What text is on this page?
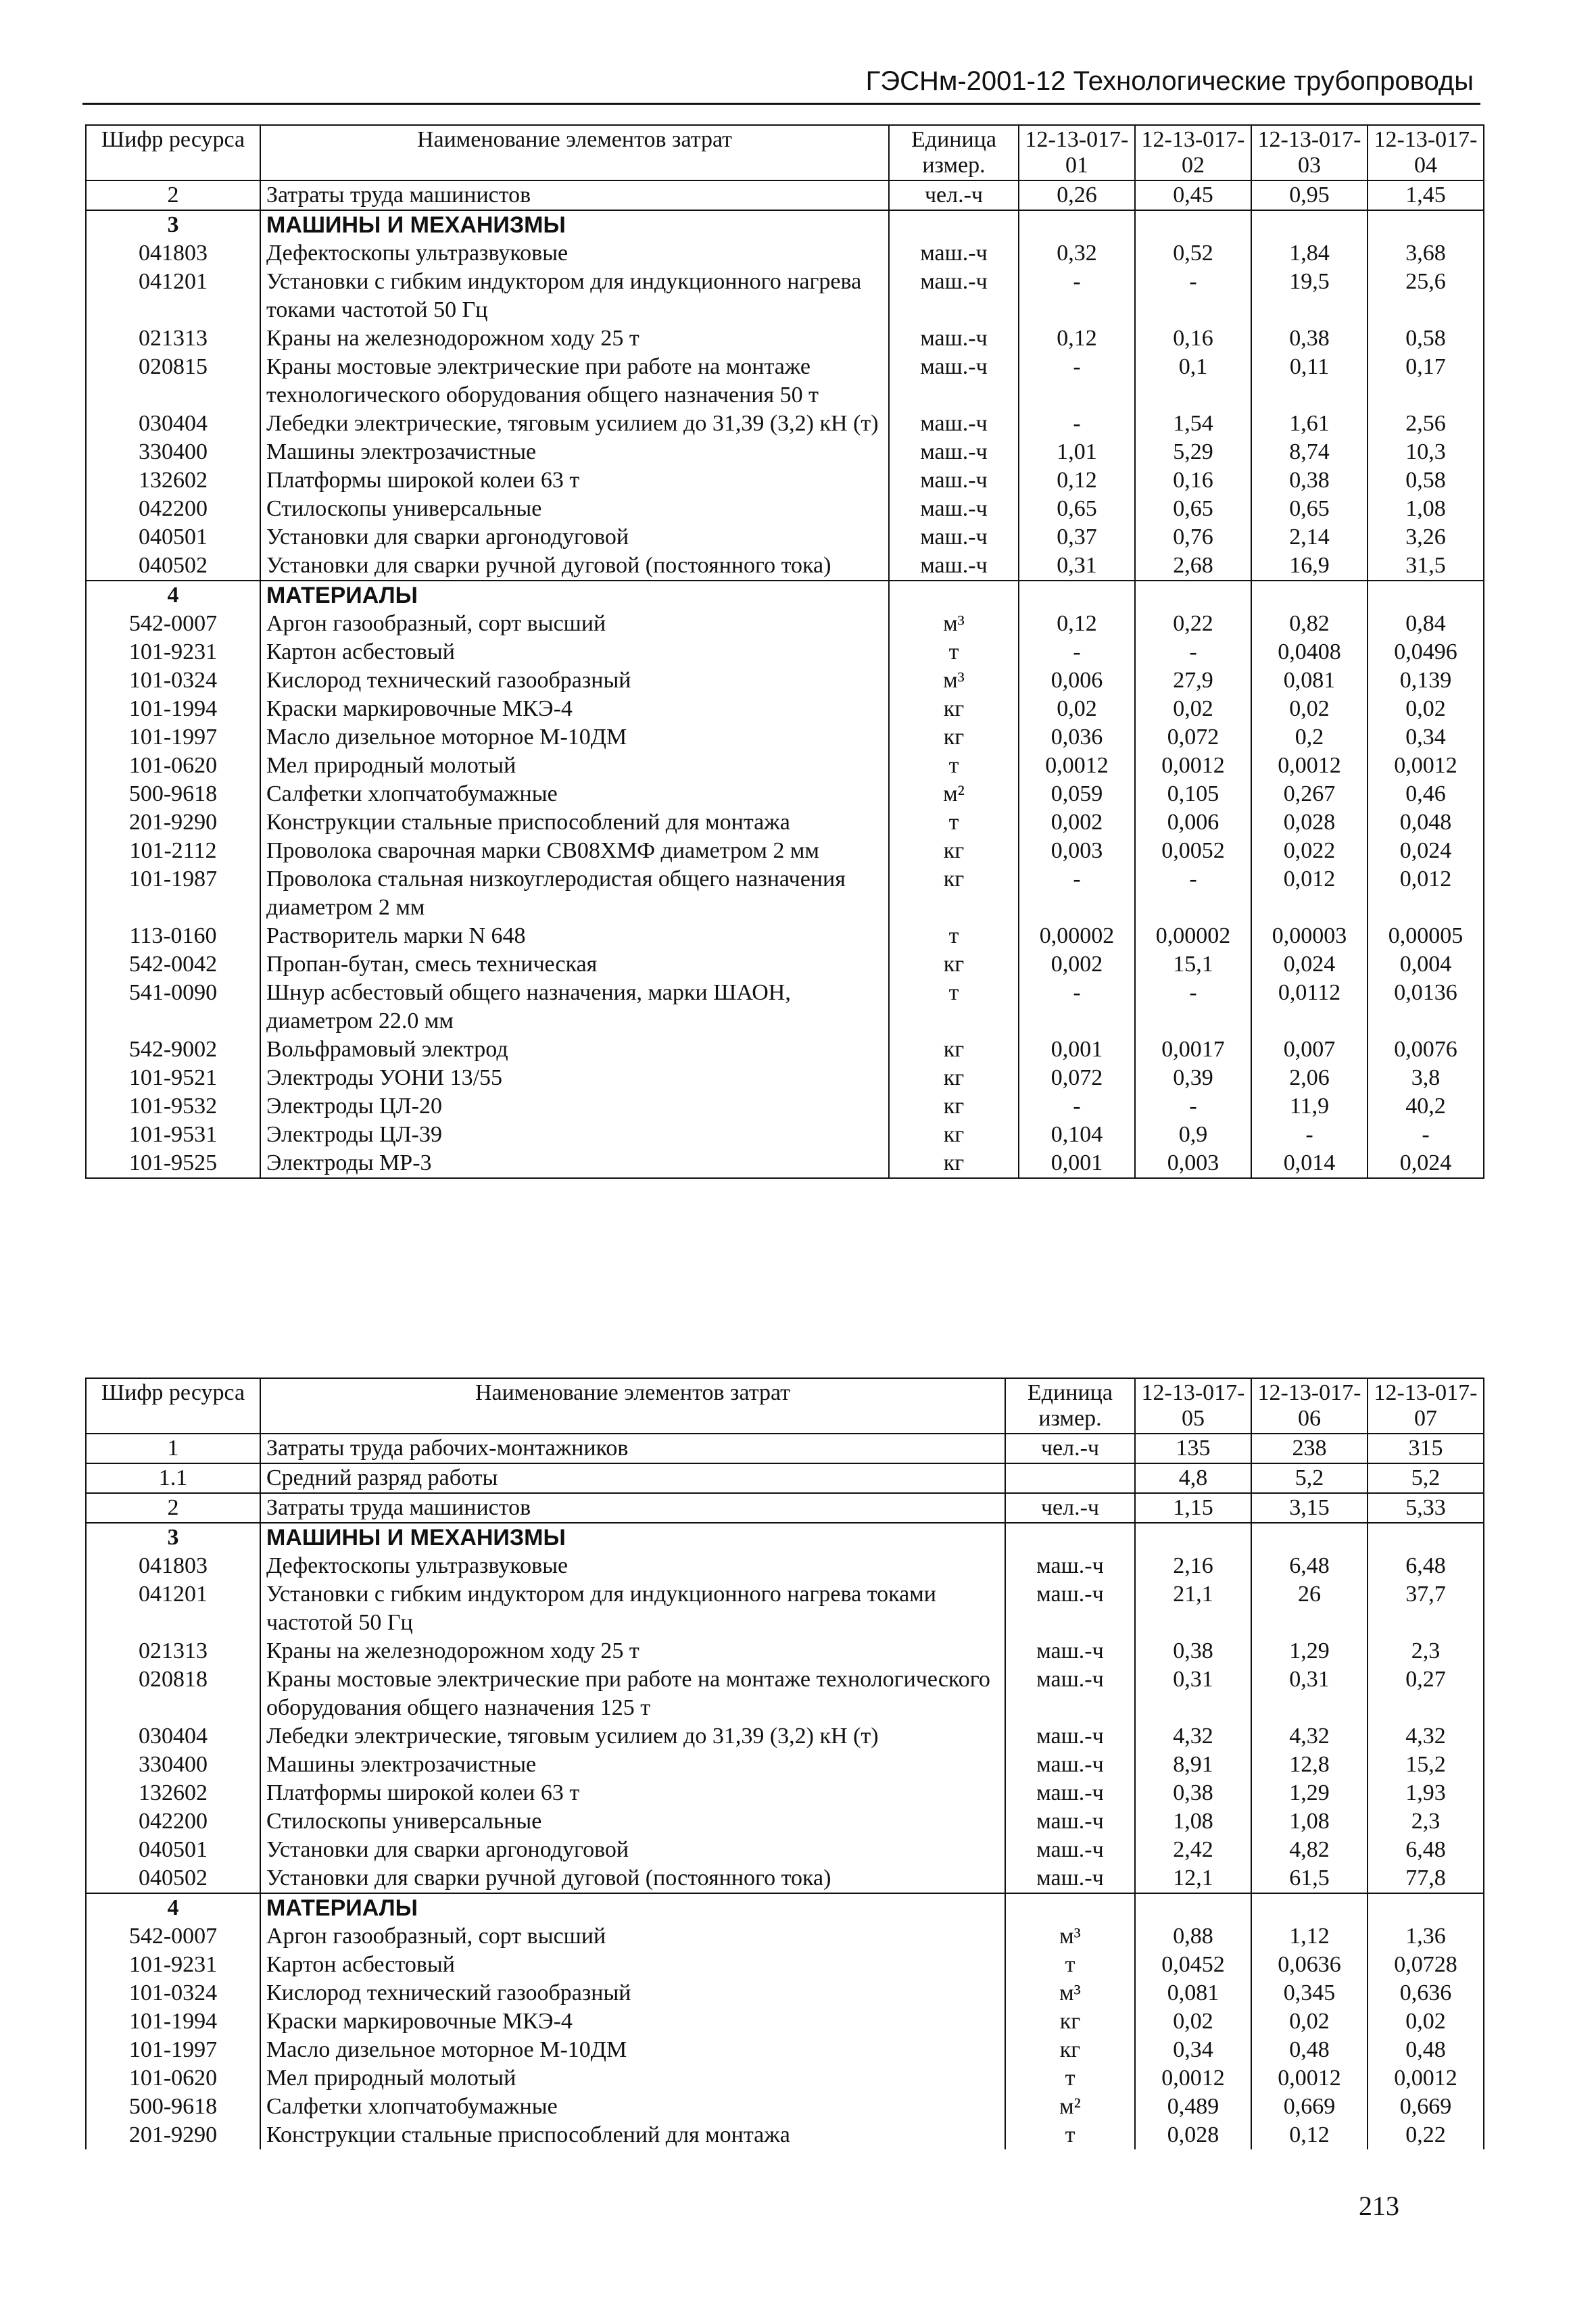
ГЭСНм-2001-12 Технологические трубопроводы
Шифр ресурса	Наименование элементов затрат	Единица измер.	12-13-017-01	12-13-017-02	12-13-017-03	12-13-017-04
2	Затраты труда машинистов	чел.-ч	0,26	0,45	0,95	1,45
3	МАШИНЫ И МЕХАНИЗМЫ					
041803	Дефектоскопы ультразвуковые	маш.-ч	0,32	0,52	1,84	3,68
041201	Установки с гибким индуктором для индукционного нагрева токами частотой 50 Гц	маш.-ч	-	-	19,5	25,6
021313	Краны на железнодорожном ходу 25 т	маш.-ч	0,12	0,16	0,38	0,58
020815	Краны мостовые электрические при работе на монтаже технологического оборудования общего назначения 50 т	маш.-ч	-	0,1	0,11	0,17
030404	Лебедки электрические, тяговым усилием до 31,39 (3,2) кН (т)	маш.-ч	-	1,54	1,61	2,56
330400	Машины электрозачистные	маш.-ч	1,01	5,29	8,74	10,3
132602	Платформы широкой колеи 63 т	маш.-ч	0,12	0,16	0,38	0,58
042200	Стилоскопы универсальные	маш.-ч	0,65	0,65	0,65	1,08
040501	Установки для сварки аргонодуговой	маш.-ч	0,37	0,76	2,14	3,26
040502	Установки для сварки ручной дуговой (постоянного тока)	маш.-ч	0,31	2,68	16,9	31,5
4	МАТЕРИАЛЫ					
542-0007	Аргон газообразный, сорт высший	м³	0,12	0,22	0,82	0,84
101-9231	Картон асбестовый	т	-	-	0,0408	0,0496
101-0324	Кислород технический газообразный	м³	0,006	27,9	0,081	0,139
101-1994	Краски маркировочные МКЭ-4	кг	0,02	0,02	0,02	0,02
101-1997	Масло дизельное моторное М-10ДМ	кг	0,036	0,072	0,2	0,34
101-0620	Мел природный молотый	т	0,0012	0,0012	0,0012	0,0012
500-9618	Салфетки хлопчатобумажные	м²	0,059	0,105	0,267	0,46
201-9290	Конструкции стальные приспособлений для монтажа	т	0,002	0,006	0,028	0,048
101-2112	Проволока сварочная марки СВ08ХМФ диаметром 2 мм	кг	0,003	0,0052	0,022	0,024
101-1987	Проволока стальная низкоуглеродистая общего назначения диаметром 2 мм	кг	-	-	0,012	0,012
113-0160	Растворитель марки N 648	т	0,00002	0,00002	0,00003	0,00005
542-0042	Пропан-бутан, смесь техническая	кг	0,002	15,1	0,024	0,004
541-0090	Шнур асбестовый общего назначения, марки ШАОН, диаметром 22.0 мм	т	-	-	0,0112	0,0136
542-9002	Вольфрамовый электрод	кг	0,001	0,0017	0,007	0,0076
101-9521	Электроды УОНИ 13/55	кг	0,072	0,39	2,06	3,8
101-9532	Электроды ЦЛ-20	кг	-	-	11,9	40,2
101-9531	Электроды ЦЛ-39	кг	0,104	0,9	-	-
101-9525	Электроды МР-3	кг	0,001	0,003	0,014	0,024
Шифр ресурса	Наименование элементов затрат	Единица измер.	12-13-017-05	12-13-017-06	12-13-017-07
1	Затраты труда рабочих-монтажников	чел.-ч	135	238	315
1.1	Средний разряд работы		4,8	5,2	5,2
2	Затраты труда машинистов	чел.-ч	1,15	3,15	5,33
3	МАШИНЫ И МЕХАНИЗМЫ				
041803	Дефектоскопы ультразвуковые	маш.-ч	2,16	6,48	6,48
041201	Установки с гибким индуктором для индукционного нагрева токами частотой 50 Гц	маш.-ч	21,1	26	37,7
021313	Краны на железнодорожном ходу 25 т	маш.-ч	0,38	1,29	2,3
020818	Краны мостовые электрические при работе на монтаже технологического оборудования общего назначения 125 т	маш.-ч	0,31	0,31	0,27
030404	Лебедки электрические, тяговым усилием до 31,39 (3,2) кН (т)	маш.-ч	4,32	4,32	4,32
330400	Машины электрозачистные	маш.-ч	8,91	12,8	15,2
132602	Платформы широкой колеи 63 т	маш.-ч	0,38	1,29	1,93
042200	Стилоскопы универсальные	маш.-ч	1,08	1,08	2,3
040501	Установки для сварки аргонодуговой	маш.-ч	2,42	4,82	6,48
040502	Установки для сварки ручной дуговой (постоянного тока)	маш.-ч	12,1	61,5	77,8
4	МАТЕРИАЛЫ				
542-0007	Аргон газообразный, сорт высший	м³	0,88	1,12	1,36
101-9231	Картон асбестовый	т	0,0452	0,0636	0,0728
101-0324	Кислород технический газообразный	м³	0,081	0,345	0,636
101-1994	Краски маркировочные МКЭ-4	кг	0,02	0,02	0,02
101-1997	Масло дизельное моторное М-10ДМ	кг	0,34	0,48	0,48
101-0620	Мел природный молотый	т	0,0012	0,0012	0,0012
500-9618	Салфетки хлопчатобумажные	м²	0,489	0,669	0,669
201-9290	Конструкции стальные приспособлений для монтажа	т	0,028	0,12	0,22
213
